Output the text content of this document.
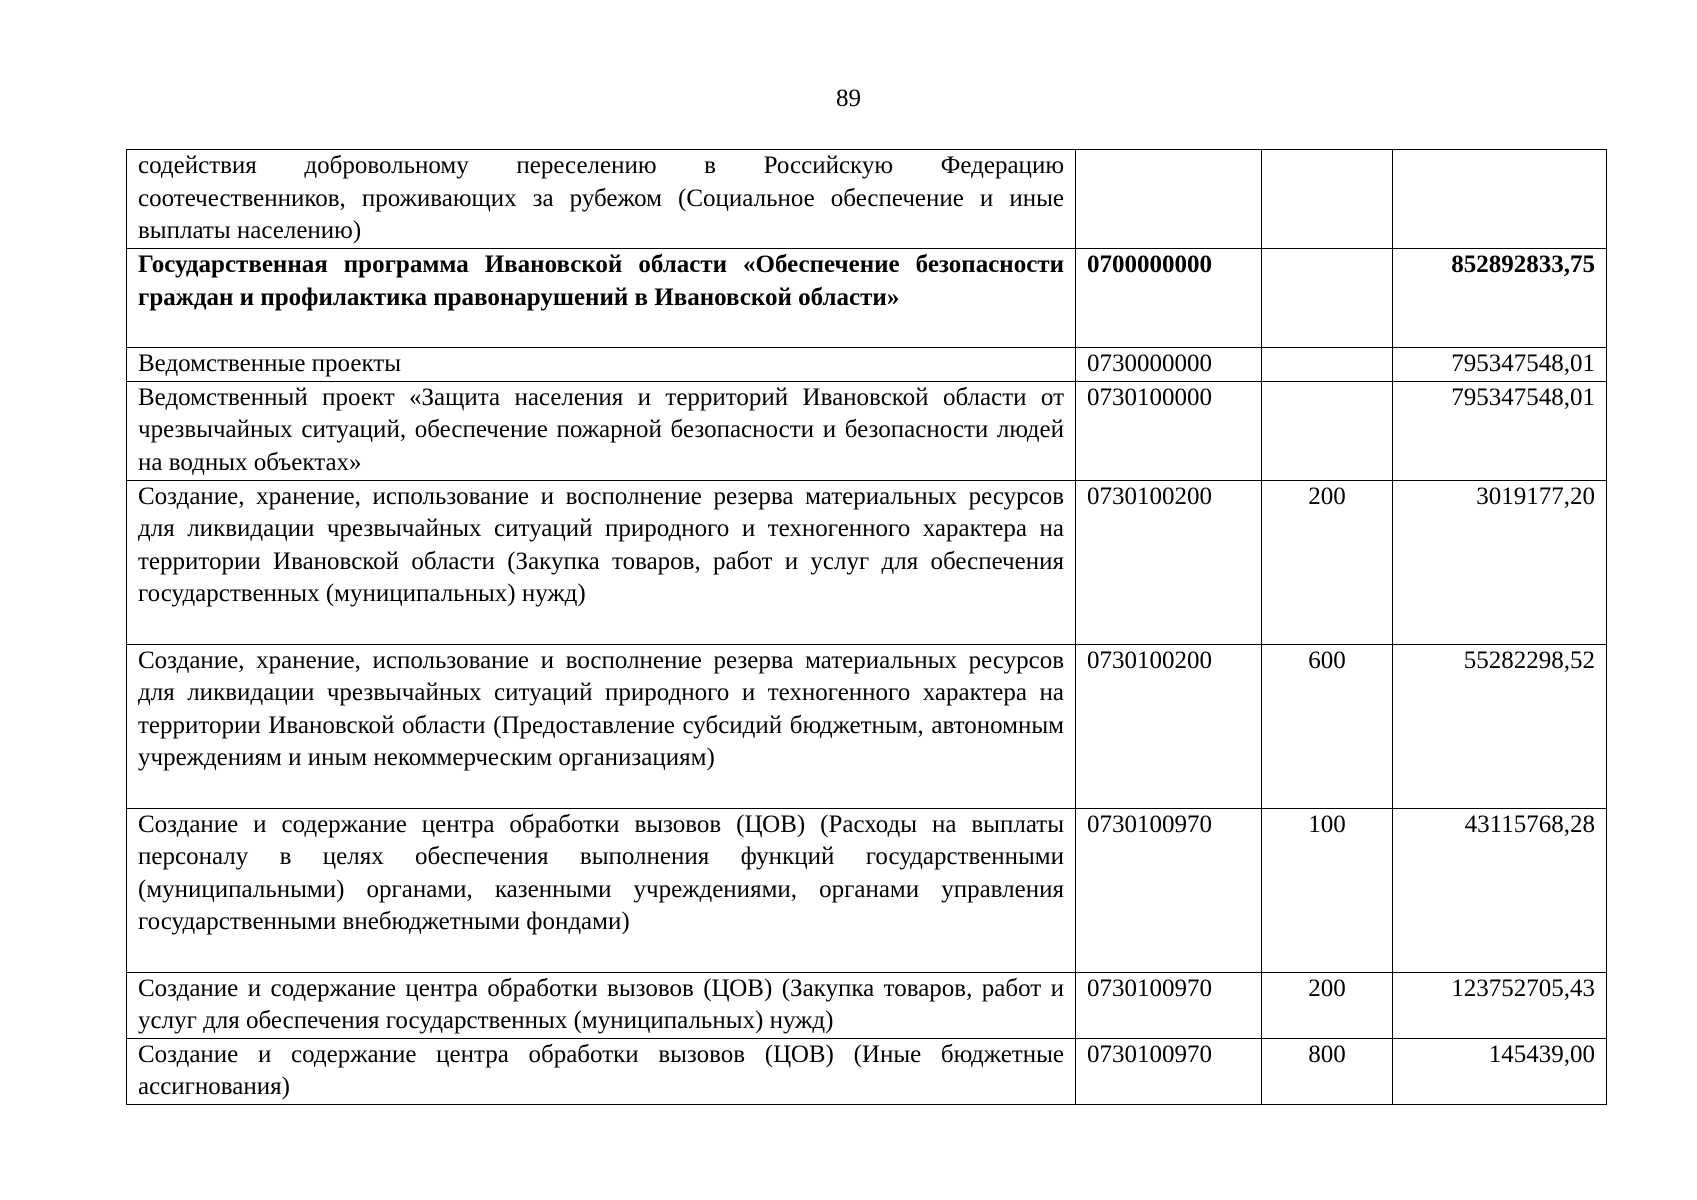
89
содействия добровольному переселению в Российскую Федерацию соотечественников, проживающих за рубежом (Социальное обеспечение и иные выплаты населению)			
Государственная программа Ивановской области «Обеспечение безопасности граждан и профилактика правонарушений в Ивановской области»	0700000000		852892833,75
Ведомственные проекты	0730000000		795347548,01
Ведомственный проект «Защита населения и территорий Ивановской области от чрезвычайных ситуаций, обеспечение пожарной безопасности и безопасности людей на водных объектах»	0730100000		795347548,01
Создание, хранение, использование и восполнение резерва материальных ресурсов для ликвидации чрезвычайных ситуаций природного и техногенного характера на территории Ивановской области (Закупка товаров, работ и услуг для обеспечения государственных (муниципальных) нужд)	0730100200	200	3019177,20
Создание, хранение, использование и восполнение резерва материальных ресурсов для ликвидации чрезвычайных ситуаций природного и техногенного характера на территории Ивановской области (Предоставление субсидий бюджетным, автономным учреждениям и иным некоммерческим организациям)	0730100200	600	55282298,52
Создание и содержание центра обработки вызовов (ЦОВ) (Расходы на выплаты персоналу в целях обеспечения выполнения функций государственными (муниципальными) органами, казенными учреждениями, органами управления государственными внебюджетными фондами)	0730100970	100	43115768,28
Создание и содержание центра обработки вызовов (ЦОВ) (Закупка товаров, работ и услуг для обеспечения государственных (муниципальных) нужд)	0730100970	200	123752705,43
Создание и содержание центра обработки вызовов (ЦОВ) (Иные бюджетные ассигнования)	0730100970	800	145439,00
